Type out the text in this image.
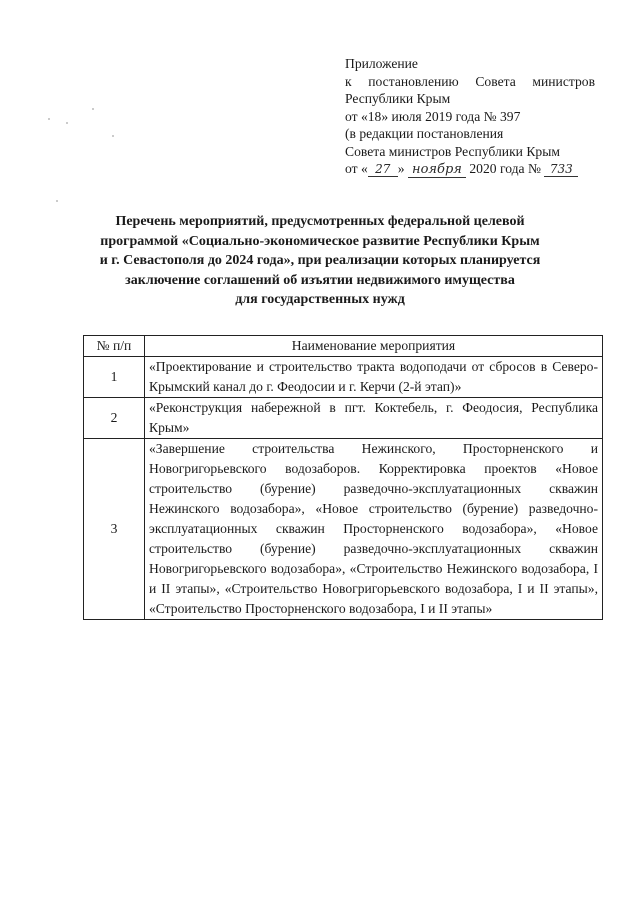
Приложение
к постановлению Совета министров
Республики Крым
от «18» июля 2019 года № 397
(в редакции постановления
Совета министров Республики Крым
от « 27 » ноября 2020 года № 733
Перечень мероприятий, предусмотренных федеральной целевой
программой «Социально-экономическое развитие Республики Крым
и г. Севастополя до 2024 года», при реализации которых планируется
заключение соглашений об изъятии недвижимого имущества
для государственных нужд
№ п/п	Наименование мероприятия
1	«Проектирование и строительство тракта водоподачи от сбросов в Северо-Крымский канал до г. Феодосии и г. Керчи (2-й этап)»
2	«Реконструкция набережной в пгт. Коктебель, г. Феодосия, Республика Крым»
3	«Завершение строительства Нежинского, Просторненского и Новогригорьевского водозаборов. Корректировка проектов «Новое строительство (бурение) разведочно-эксплуатационных скважин Нежинского водозабора», «Новое строительство (бурение) разведочно-эксплуатационных скважин Просторненского водозабора», «Новое строительство (бурение) разведочно-эксплуатационных скважин Новогригорьевского водозабора», «Строительство Нежинского водозабора, I и II этапы», «Строительство Новогригорьевского водозабора, I и II этапы», «Строительство Просторненского водозабора, I и II этапы»
